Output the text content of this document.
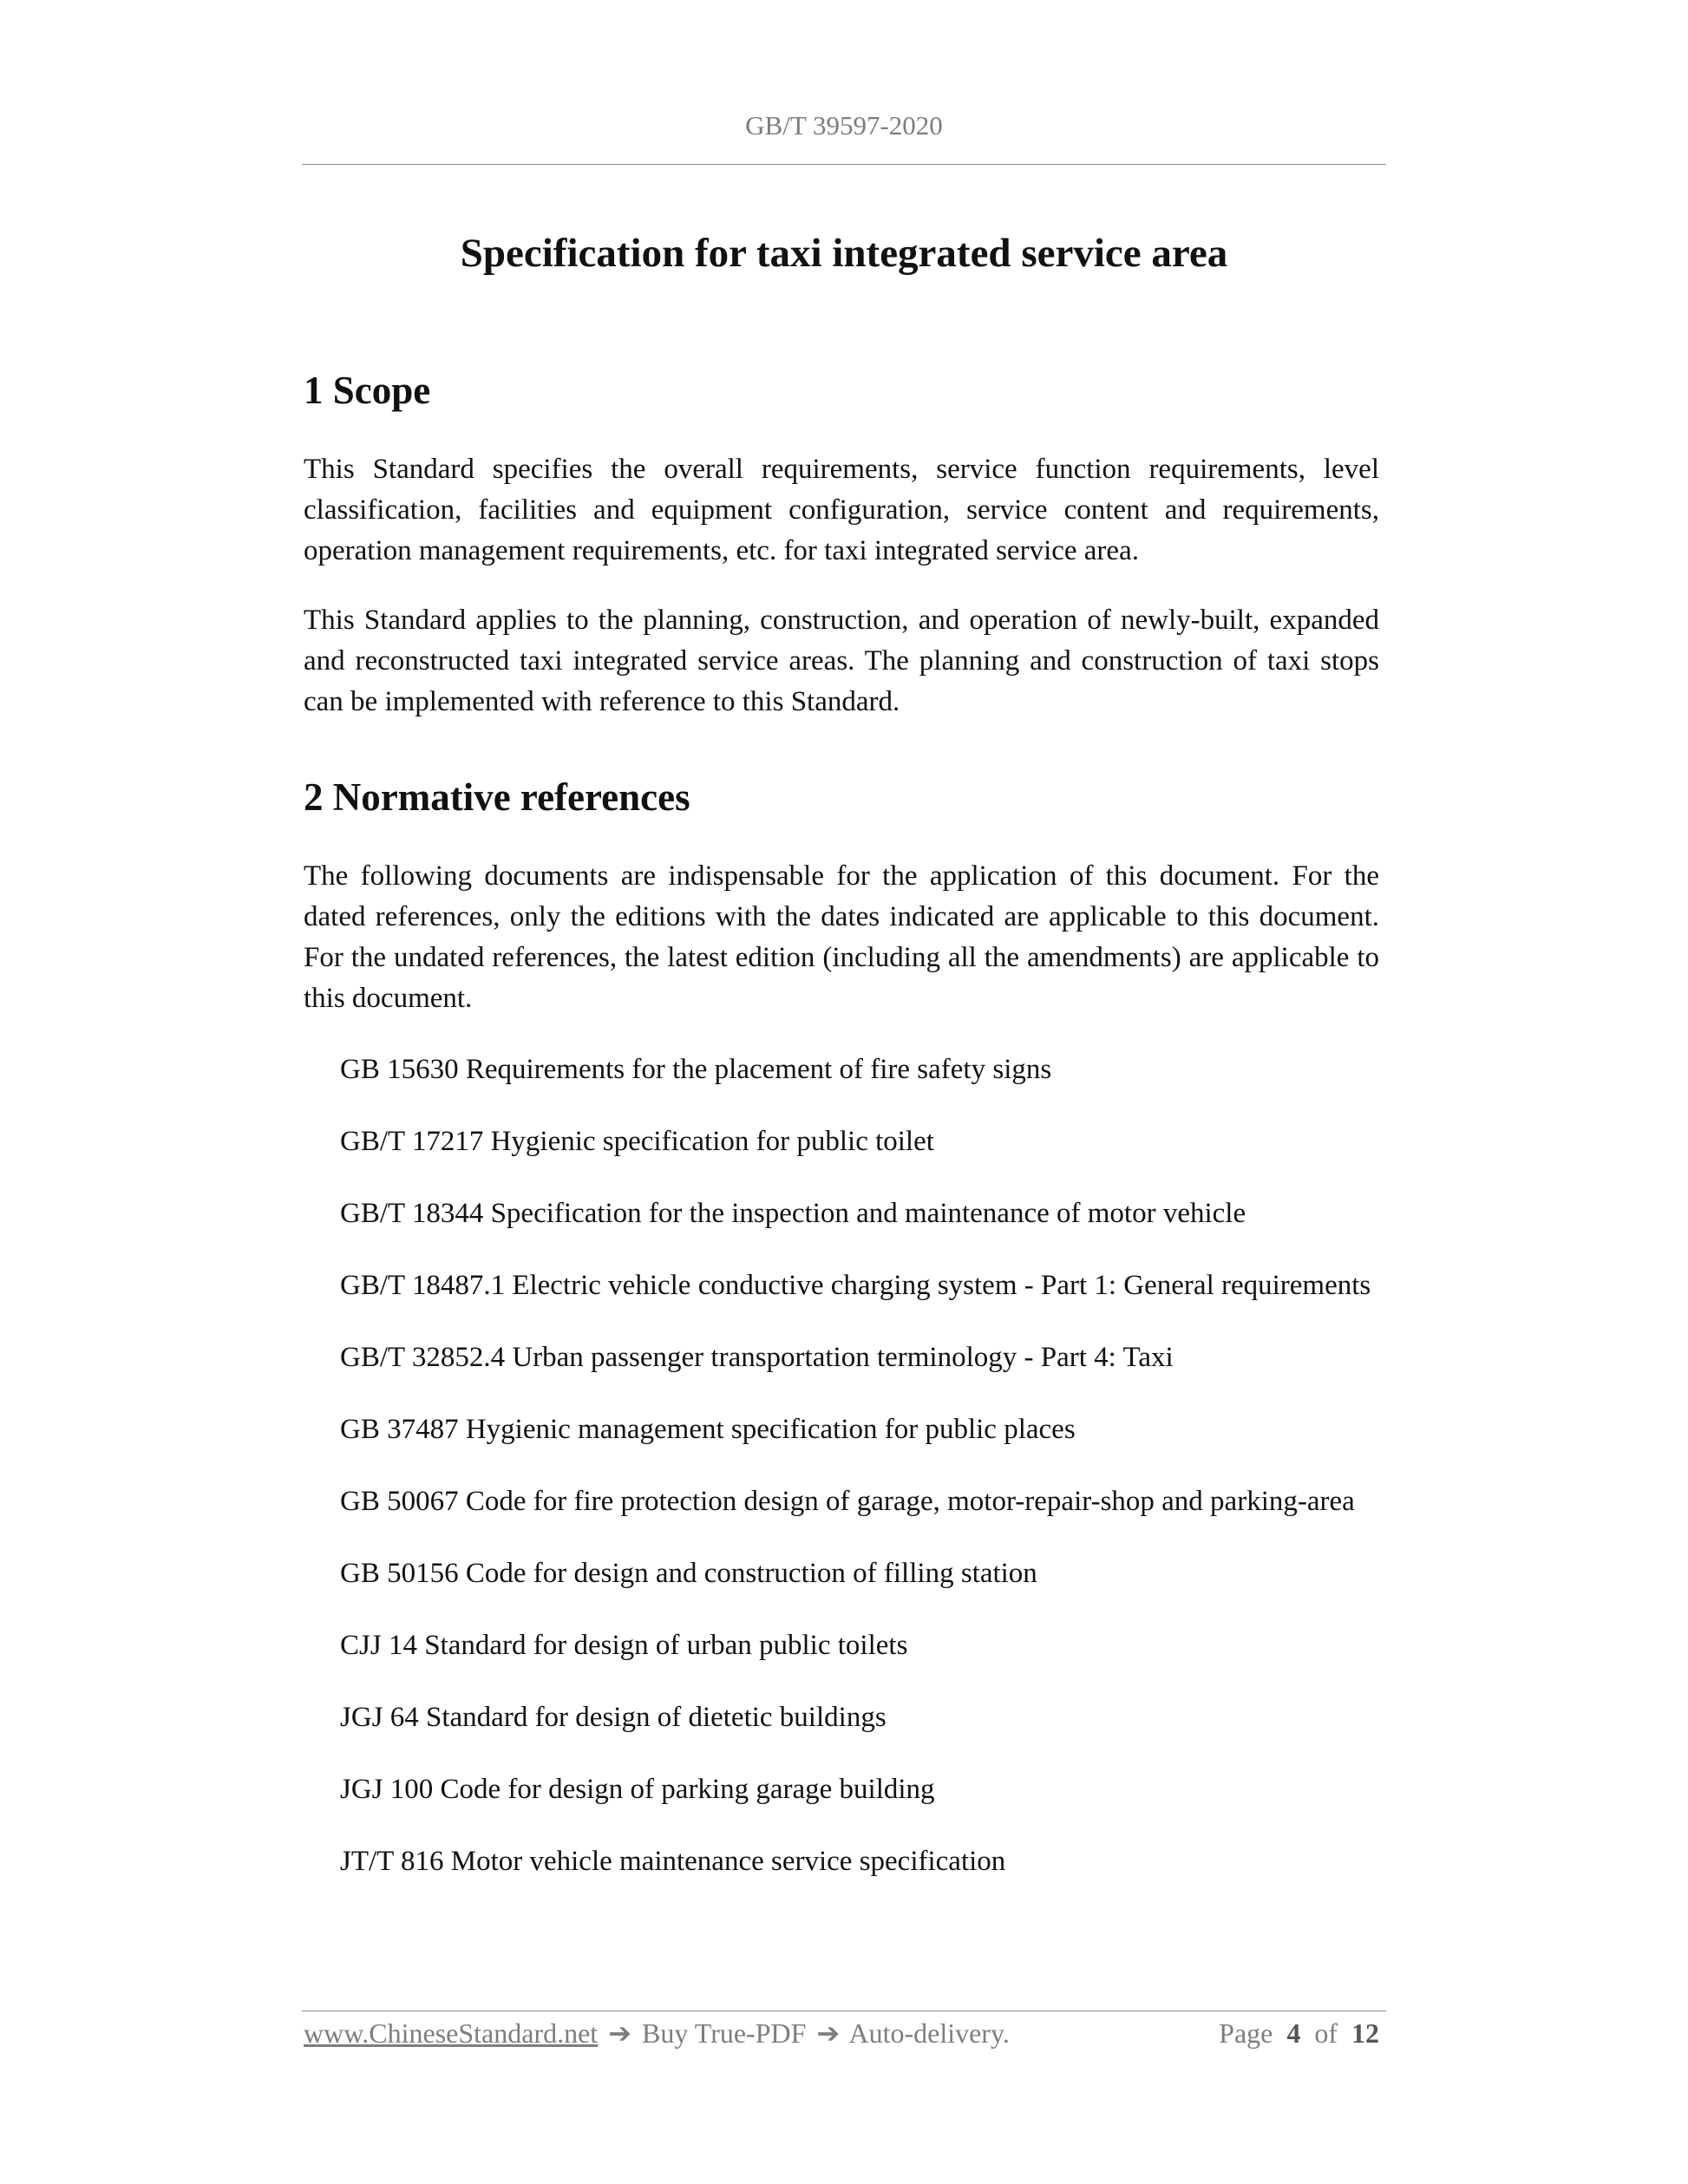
GB/T 39597-2020
Specification for taxi integrated service area
1 Scope

This Standard specifies the overall requirements, service function requirements, level classification, facilities and equipment configuration, service content and requirements, operation management requirements, etc. for taxi integrated service area.

This Standard applies to the planning, construction, and operation of newly-built, expanded and reconstructed taxi integrated service areas. The planning and construction of taxi stops can be implemented with reference to this Standard.

2 Normative references

The following documents are indispensable for the application of this document. For the dated references, only the editions with the dates indicated are applicable to this document. For the undated references, the latest edition (including all the amendments) are applicable to this document.

GB 15630 Requirements for the placement of fire safety signs
GB/T 17217 Hygienic specification for public toilet
GB/T 18344 Specification for the inspection and maintenance of motor vehicle
GB/T 18487.1 Electric vehicle conductive charging system - Part 1: General requirements
GB/T 32852.4 Urban passenger transportation terminology - Part 4: Taxi
GB 37487 Hygienic management specification for public places
GB 50067 Code for fire protection design of garage, motor-repair-shop and parking-area
GB 50156 Code for design and construction of filling station
CJJ 14 Standard for design of urban public toilets
JGJ 64 Standard for design of dietetic buildings
JGJ 100 Code for design of parking garage building
JT/T 816 Motor vehicle maintenance service specification
www.ChineseStandard.net ➔ Buy True-PDF ➔ Auto-delivery.	Page 4 of 12
